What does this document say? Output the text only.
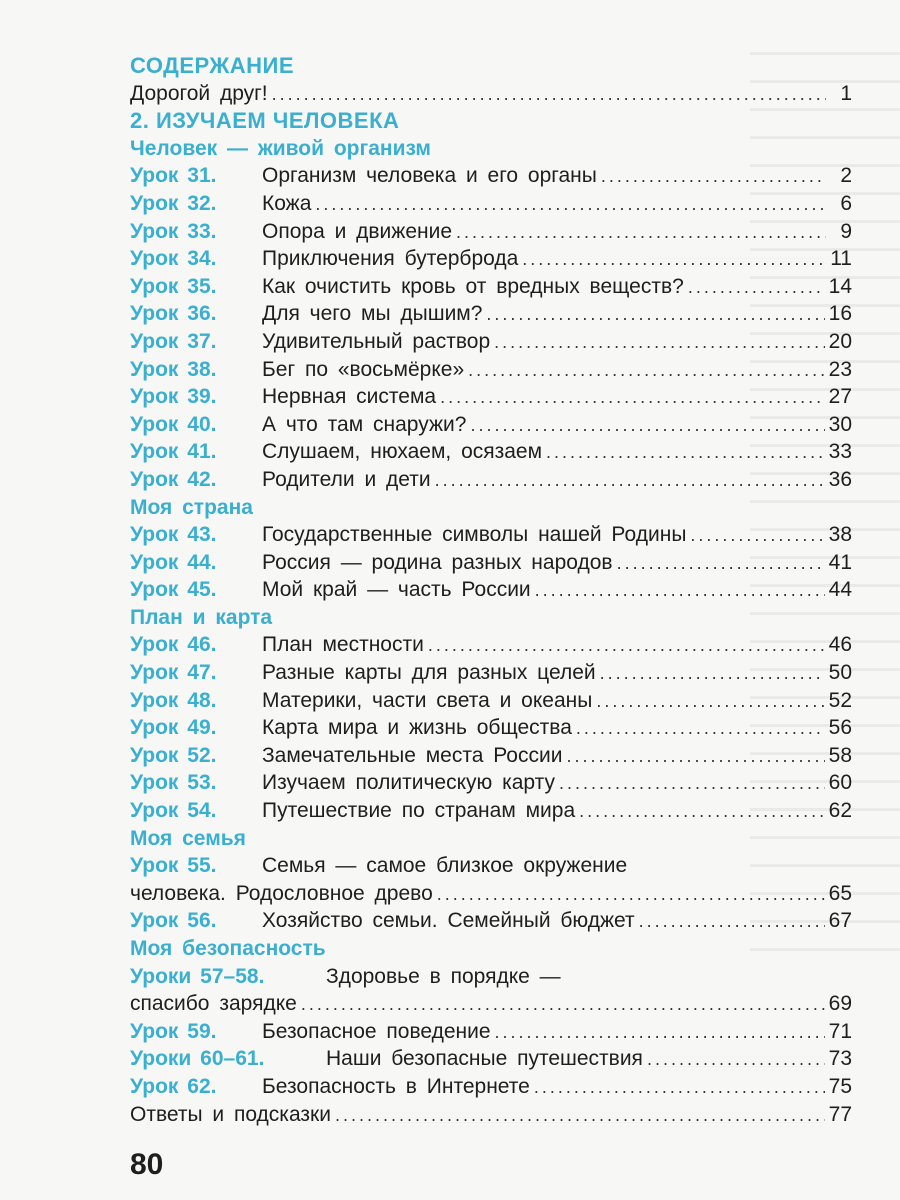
СОДЕРЖАНИЕ
Дорогой друг! .....	1
2. ИЗУЧАЕМ ЧЕЛОВЕКА
Человек — живой организм
Урок 31.	Организм человека и его органы .....	2
Урок 32.	Кожа .....	6
Урок 33.	Опора и движение .....	9
Урок 34.	Приключения бутерброда .....	11
Урок 35.	Как очистить кровь от вредных веществ? .....	14
Урок 36.	Для чего мы дышим? .....	16
Урок 37.	Удивительный раствор .....	20
Урок 38.	Бег по «восьмёрке» .....	23
Урок 39.	Нервная система .....	27
Урок 40.	А что там снаружи? .....	30
Урок 41.	Слушаем, нюхаем, осязаем .....	33
Урок 42.	Родители и дети .....	36
Моя страна
Урок 43.	Государственные символы нашей Родины .....	38
Урок 44.	Россия — родина разных народов .....	41
Урок 45.	Мой край — часть России .....	44
План и карта
Урок 46.	План местности .....	46
Урок 47.	Разные карты для разных целей .....	50
Урок 48.	Материки, части света и океаны .....	52
Урок 49.	Карта мира и жизнь общества .....	56
Урок 52.	Замечательные места России .....	58
Урок 53.	Изучаем политическую карту .....	60
Урок 54.	Путешествие по странам мира .....	62
Моя семья
Урок 55.	Семья — самое близкое окружение
человека. Родословное древо .....	65
Урок 56.	Хозяйство семьи. Семейный бюджет .....	67
Моя безопасность
Уроки 57–58.	Здоровье в порядке —
спасибо зарядке .....	69
Урок 59.	Безопасное поведение .....	71
Уроки 60–61.	Наши безопасные путешествия .....	73
Урок 62.	Безопасность в Интернете .....	75
Ответы и подсказки .....	77
80
